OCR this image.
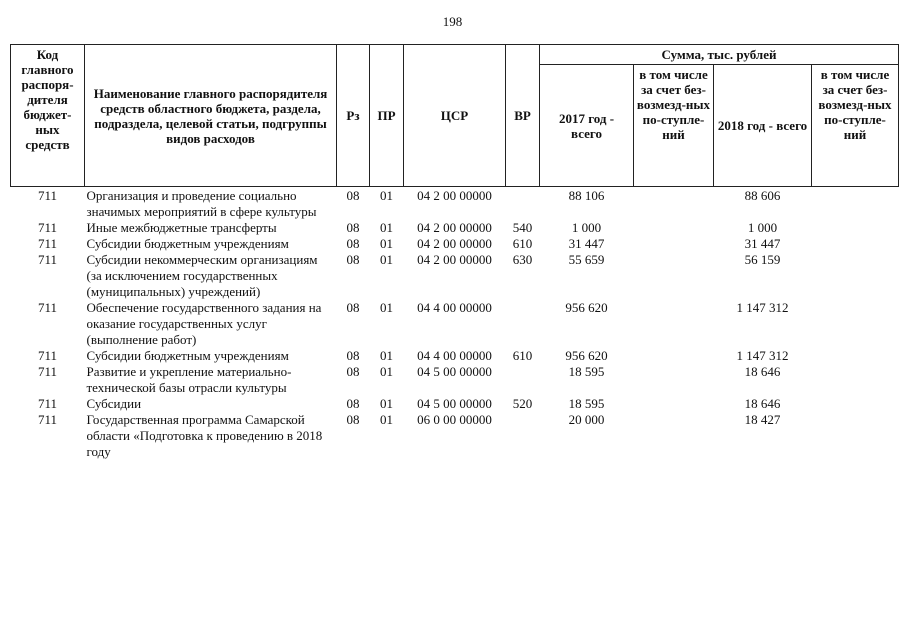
198
Код главного распоря-дителя бюджет-ных средств	Наименование главного распорядителя средств областного бюджета, раздела, подраздела, целевой статьи, подгруппы видов расходов	Рз	ПР	ЦСР	ВР	Сумма, тыс. рублей			
						2017 год - всего	в том числе за счет без-возмезд-ных по-ступле-ний	2018 год - всего	в том числе за счет без-возмезд-ных по-ступле-ний
711	Организация и проведение социально значимых мероприятий в сфере культуры	08	01	04 2 00 00000		88 106		88 606	
711	Иные межбюджетные трансферты	08	01	04 2 00 00000	540	1 000		1 000	
711	Субсидии бюджетным учреждениям	08	01	04 2 00 00000	610	31 447		31 447	
711	Субсидии некоммерческим организациям (за исключением государственных (муниципальных) учреждений)	08	01	04 2 00 00000	630	55 659		56 159	
711	Обеспечение государственного задания на оказание государственных услуг (выполнение работ)	08	01	04 4 00 00000		956 620		1 147 312	
711	Субсидии бюджетным учреждениям	08	01	04 4 00 00000	610	956 620		1 147 312	
711	Развитие и укрепление материально-технической базы отрасли культуры	08	01	04 5 00 00000		18 595		18 646	
711	Субсидии	08	01	04 5 00 00000	520	18 595		18 646	
711	Государственная программа Самарской области «Подготовка к проведению в 2018 году	08	01	06 0 00 00000		20 000		18 427	
